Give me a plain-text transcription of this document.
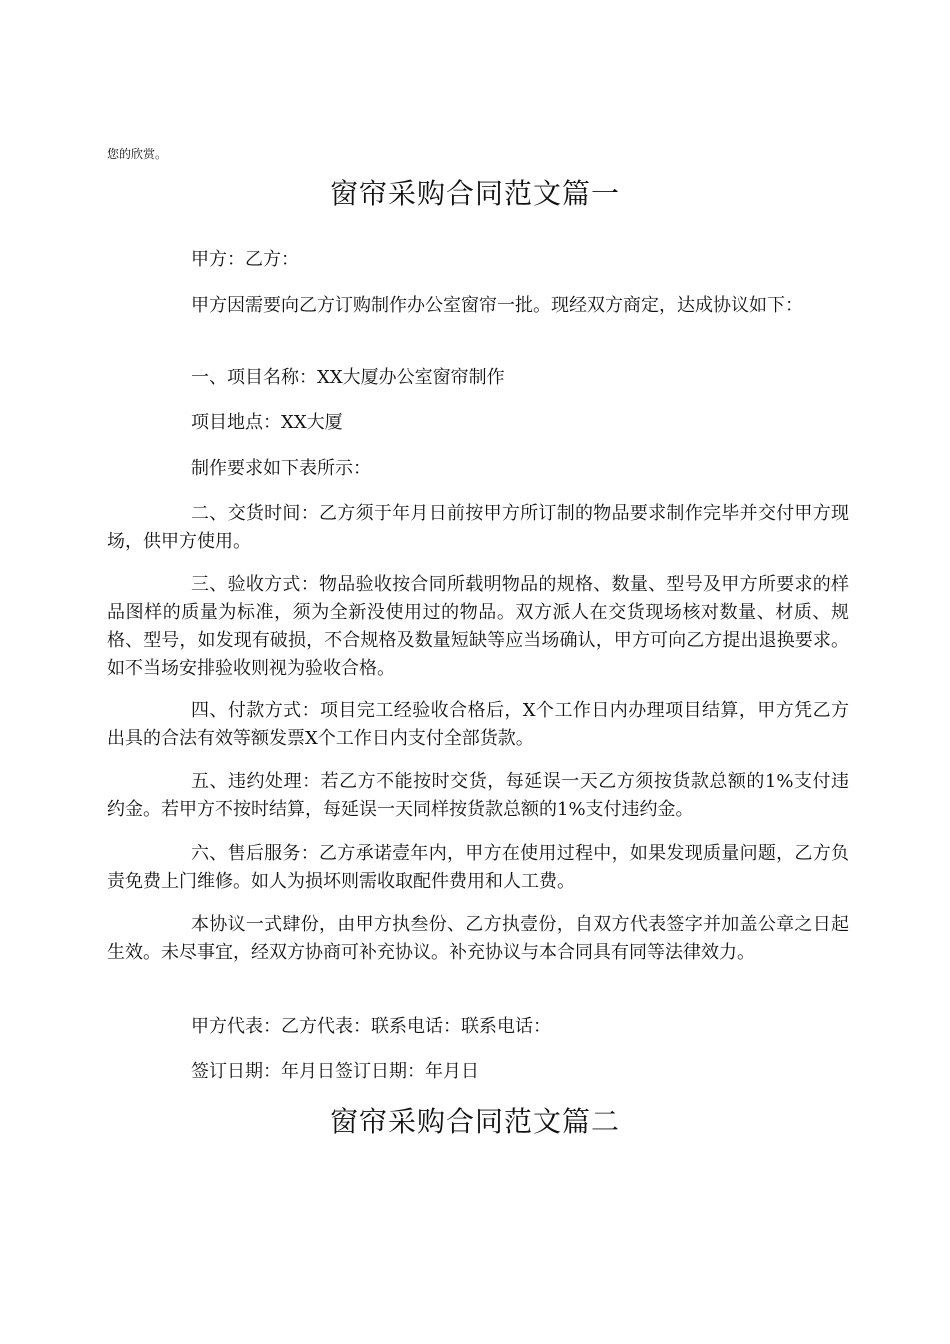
您的欣赏。
窗帘采购合同范文篇一
甲方：乙方：
甲方因需要向乙方订购制作办公室窗帘一批。现经双方商定，达成协议如下：
一、项目名称：XX大厦办公室窗帘制作
项目地点：XX大厦
制作要求如下表所示：
二、交货时间：乙方须于年月日前按甲方所订制的物品要求制作完毕并交付甲方现场，供甲方使用。
三、验收方式：物品验收按合同所载明物品的规格、数量、型号及甲方所要求的样品图样的质量为标准，须为全新没使用过的物品。双方派人在交货现场核对数量、材质、规格、型号，如发现有破损，不合规格及数量短缺等应当场确认，甲方可向乙方提出退换要求。如不当场安排验收则视为验收合格。
四、付款方式：项目完工经验收合格后，X个工作日内办理项目结算，甲方凭乙方出具的合法有效等额发票X个工作日内支付全部货款。
五、违约处理：若乙方不能按时交货，每延误一天乙方须按货款总额的1%支付违约金。若甲方不按时结算，每延误一天同样按货款总额的1%支付违约金。
六、售后服务：乙方承诺壹年内，甲方在使用过程中，如果发现质量问题，乙方负责免费上门维修。如人为损坏则需收取配件费用和人工费。
本协议一式肆份，由甲方执叁份、乙方执壹份，自双方代表签字并加盖公章之日起生效。未尽事宜，经双方协商可补充协议。补充协议与本合同具有同等法律效力。
甲方代表：乙方代表：联系电话：联系电话：
签订日期：年月日签订日期：年月日
窗帘采购合同范文篇二
